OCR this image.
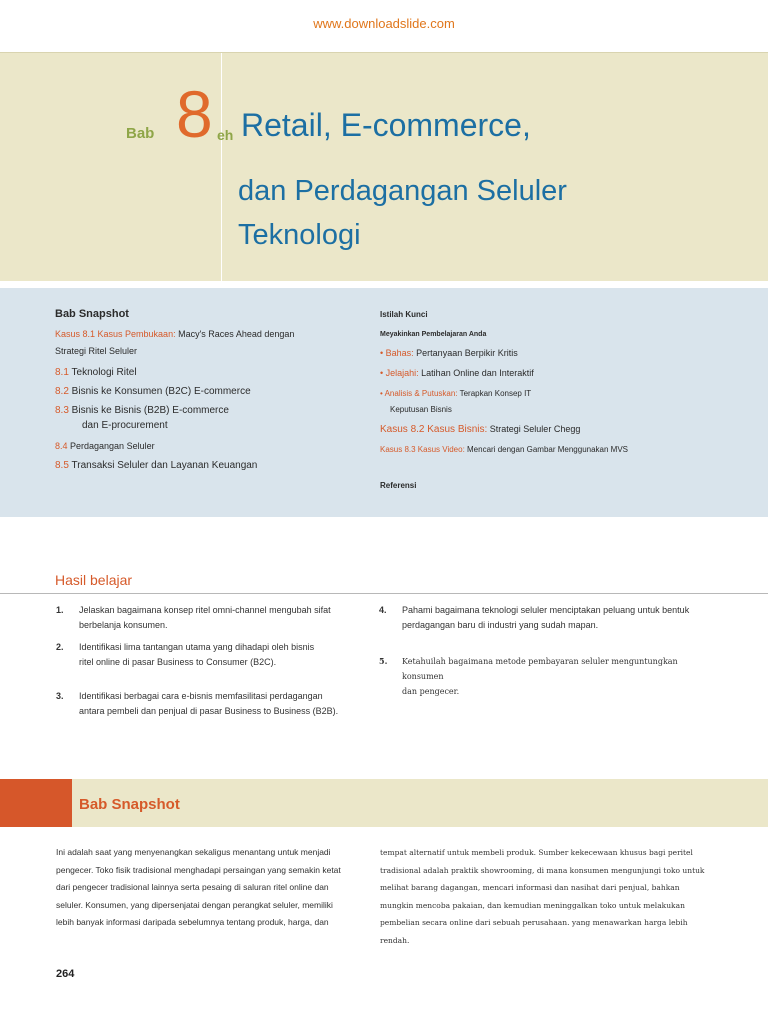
www.downloadslide.com
Bab 8 eh Retail, E-commerce,
dan Perdagangan Seluler
Teknologi
Bab Snapshot
Kasus 8.1 Kasus Pembukaan: Macy's Races Ahead dengan
Strategi Ritel Seluler
8.1 Teknologi Ritel
8.2 Bisnis ke Konsumen (B2C) E-commerce
8.3 Bisnis ke Bisnis (B2B) E-commerce
dan E-procurement
8.4 Perdagangan Seluler
8.5 Transaksi Seluler dan Layanan Keuangan
Istilah Kunci
Meyakinkan Pembelajaran Anda
• Bahas: Pertanyaan Berpikir Kritis
• Jelajahi: Latihan Online dan Interaktif
• Analisis & Putuskan: Terapkan Konsep IT
Keputusan Bisnis
Kasus 8.2 Kasus Bisnis: Strategi Seluler Chegg
Kasus 8.3 Kasus Video: Mencari dengan Gambar Menggunakan MVS
Referensi
Hasil belajar
1. Jelaskan bagaimana konsep ritel omni-channel mengubah sifat
berbelanja konsumen.
2. Identifikasi lima tantangan utama yang dihadapi oleh bisnis
ritel online di pasar Business to Consumer (B2C).
3. Identifikasi berbagai cara e-bisnis memfasilitasi perdagangan
antara pembeli dan penjual di pasar Business to Business (B2B).
4. Pahami bagaimana teknologi seluler menciptakan peluang untuk bentuk
perdagangan baru di industri yang sudah mapan.
5. Ketahuilah bagaimana metode pembayaran seluler menguntungkan konsumen
dan pengecer.
Bab Snapshot

Ini adalah saat yang menyenangkan sekaligus menantang untuk menjadi

pengecer. Toko fisik tradisional menghadapi persaingan yang semakin ketat

dari pengecer tradisional lainnya serta pesaing di saluran ritel online dan

seluler. Konsumen, yang dipersenjatai dengan perangkat seluler, memiliki

lebih banyak informasi daripada sebelumnya tentang produk, harga, dan

tempat alternatif untuk membeli produk. Sumber kekecewaan khusus bagi peritel

tradisional adalah praktik showrooming, di mana konsumen mengunjungi toko untuk

melihat barang dagangan, mencari informasi dan nasihat dari penjual, bahkan

mungkin mencoba pakaian, dan kemudian meninggalkan toko untuk melakukan

pembelian secara online dari sebuah perusahaan. yang menawarkan harga lebih

rendah.

264
